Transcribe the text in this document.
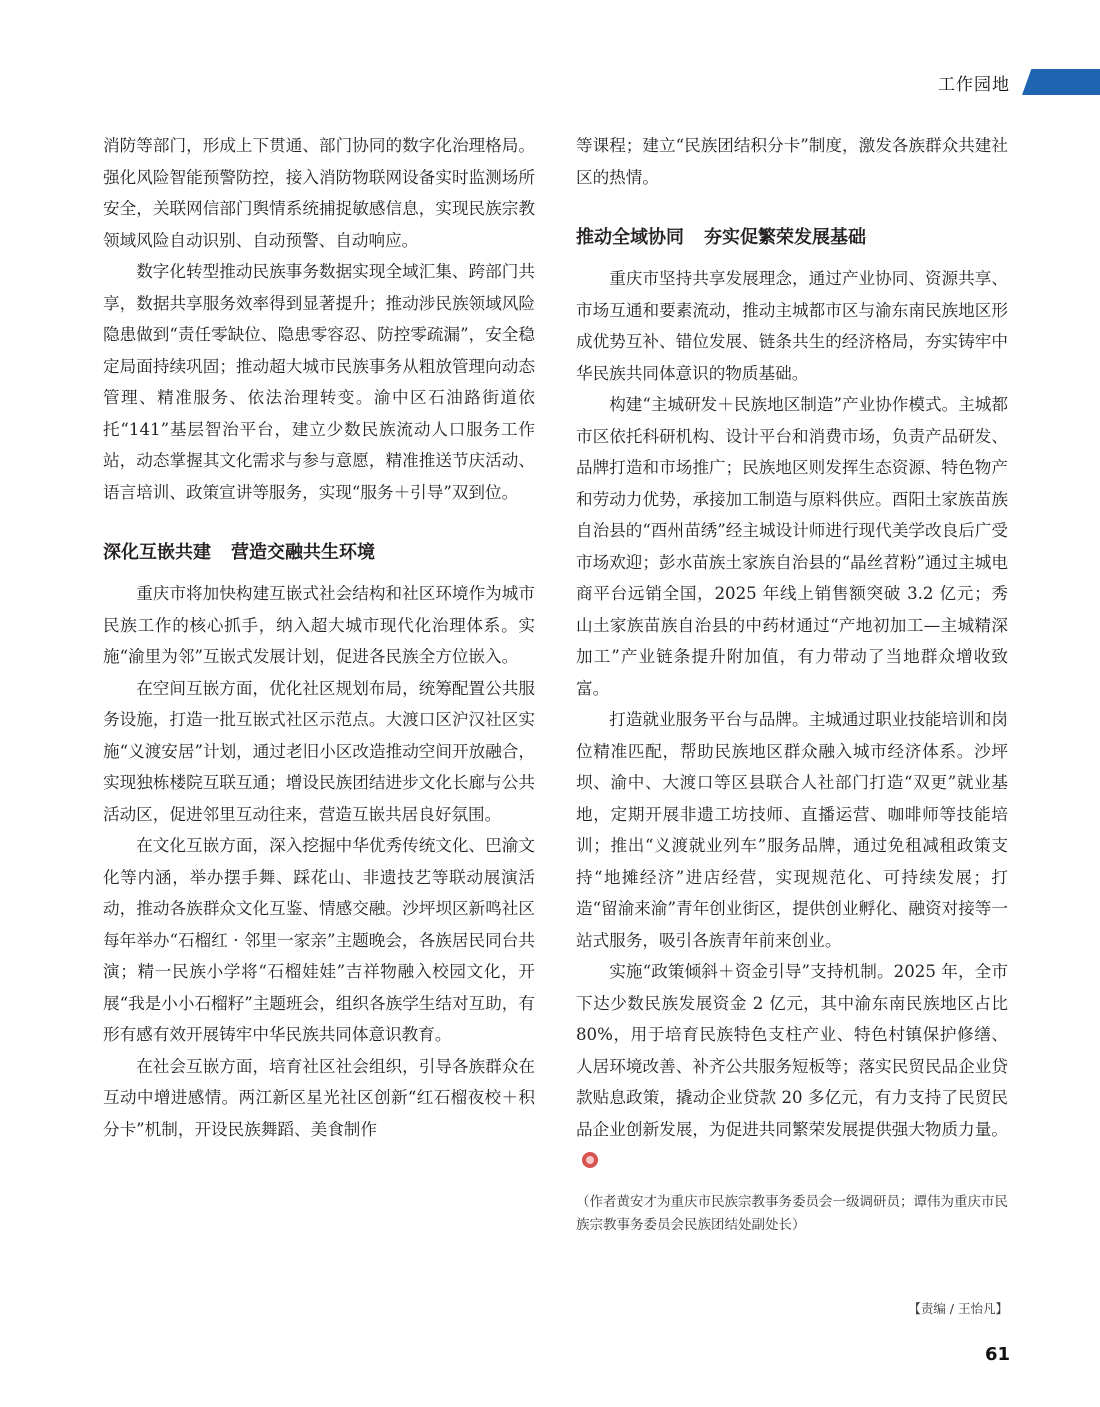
工作园地

消防等部门，形成上下贯通、部门协同的数字化治理格局。强化风险智能预警防控，接入消防物联网设备实时监测场所安全，关联网信部门舆情系统捕捉敏感信息，实现民族宗教领域风险自动识别、自动预警、自动响应。

数字化转型推动民族事务数据实现全域汇集、跨部门共享，数据共享服务效率得到显著提升；推动涉民族领域风险隐患做到“责任零缺位、隐患零容忍、防控零疏漏”，安全稳定局面持续巩固；推动超大城市民族事务从粗放管理向动态管理、精准服务、依法治理转变。渝中区石油路街道依托“141”基层智治平台，建立少数民族流动人口服务工作站，动态掌握其文化需求与参与意愿，精准推送节庆活动、语言培训、政策宣讲等服务，实现“服务＋引导”双到位。

深化互嵌共建 营造交融共生环境

重庆市将加快构建互嵌式社会结构和社区环境作为城市民族工作的核心抓手，纳入超大城市现代化治理体系。实施“渝里为邻”互嵌式发展计划，促进各民族全方位嵌入。

在空间互嵌方面，优化社区规划布局，统筹配置公共服务设施，打造一批互嵌式社区示范点。大渡口区沪汉社区实施“义渡安居”计划，通过老旧小区改造推动空间开放融合，实现独栋楼院互联互通；增设民族团结进步文化长廊与公共活动区，促进邻里互动往来，营造互嵌共居良好氛围。

在文化互嵌方面，深入挖掘中华优秀传统文化、巴渝文化等内涵，举办摆手舞、踩花山、非遗技艺等联动展演活动，推动各族群众文化互鉴、情感交融。沙坪坝区新鸣社区每年举办“石榴红 · 邻里一家亲”主题晚会，各族居民同台共演；精一民族小学将“石榴娃娃”吉祥物融入校园文化，开展“我是小小石榴籽”主题班会，组织各族学生结对互助，有形有感有效开展铸牢中华民族共同体意识教育。

在社会互嵌方面，培育社区社会组织，引导各族群众在互动中增进感情。两江新区星光社区创新“红石榴夜校＋积分卡”机制，开设民族舞蹈、美食制作

等课程；建立“民族团结积分卡”制度，激发各族群众共建社区的热情。

推动全域协同 夯实促繁荣发展基础

重庆市坚持共享发展理念，通过产业协同、资源共享、市场互通和要素流动，推动主城都市区与渝东南民族地区形成优势互补、错位发展、链条共生的经济格局，夯实铸牢中华民族共同体意识的物质基础。

构建“主城研发＋民族地区制造”产业协作模式。主城都市区依托科研机构、设计平台和消费市场，负责产品研发、品牌打造和市场推广；民族地区则发挥生态资源、特色物产和劳动力优势，承接加工制造与原料供应。酉阳土家族苗族自治县的“酉州苗绣”经主城设计师进行现代美学改良后广受市场欢迎；彭水苗族土家族自治县的“晶丝苕粉”通过主城电商平台远销全国，2025 年线上销售额突破 3.2 亿元；秀山土家族苗族自治县的中药材通过“产地初加工—主城精深加工”产业链条提升附加值，有力带动了当地群众增收致富。

打造就业服务平台与品牌。主城通过职业技能培训和岗位精准匹配，帮助民族地区群众融入城市经济体系。沙坪坝、渝中、大渡口等区县联合人社部门打造“双更”就业基地，定期开展非遗工坊技师、直播运营、咖啡师等技能培训；推出“义渡就业列车”服务品牌，通过免租减租政策支持“地摊经济”进店经营，实现规范化、可持续发展；打造“留渝来渝”青年创业街区，提供创业孵化、融资对接等一站式服务，吸引各族青年前来创业。

实施“政策倾斜＋资金引导”支持机制。2025 年，全市下达少数民族发展资金 2 亿元，其中渝东南民族地区占比 80%，用于培育民族特色支柱产业、特色村镇保护修缮、人居环境改善、补齐公共服务短板等；落实民贸民品企业贷款贴息政策，撬动企业贷款 20 多亿元，有力支持了民贸民品企业创新发展，为促进共同繁荣发展提供强大物质力量。

（作者黄安才为重庆市民族宗教事务委员会一级调研员；谭伟为重庆市民族宗教事务委员会民族团结处副处长）
【责编 / 王怡凡】
61
